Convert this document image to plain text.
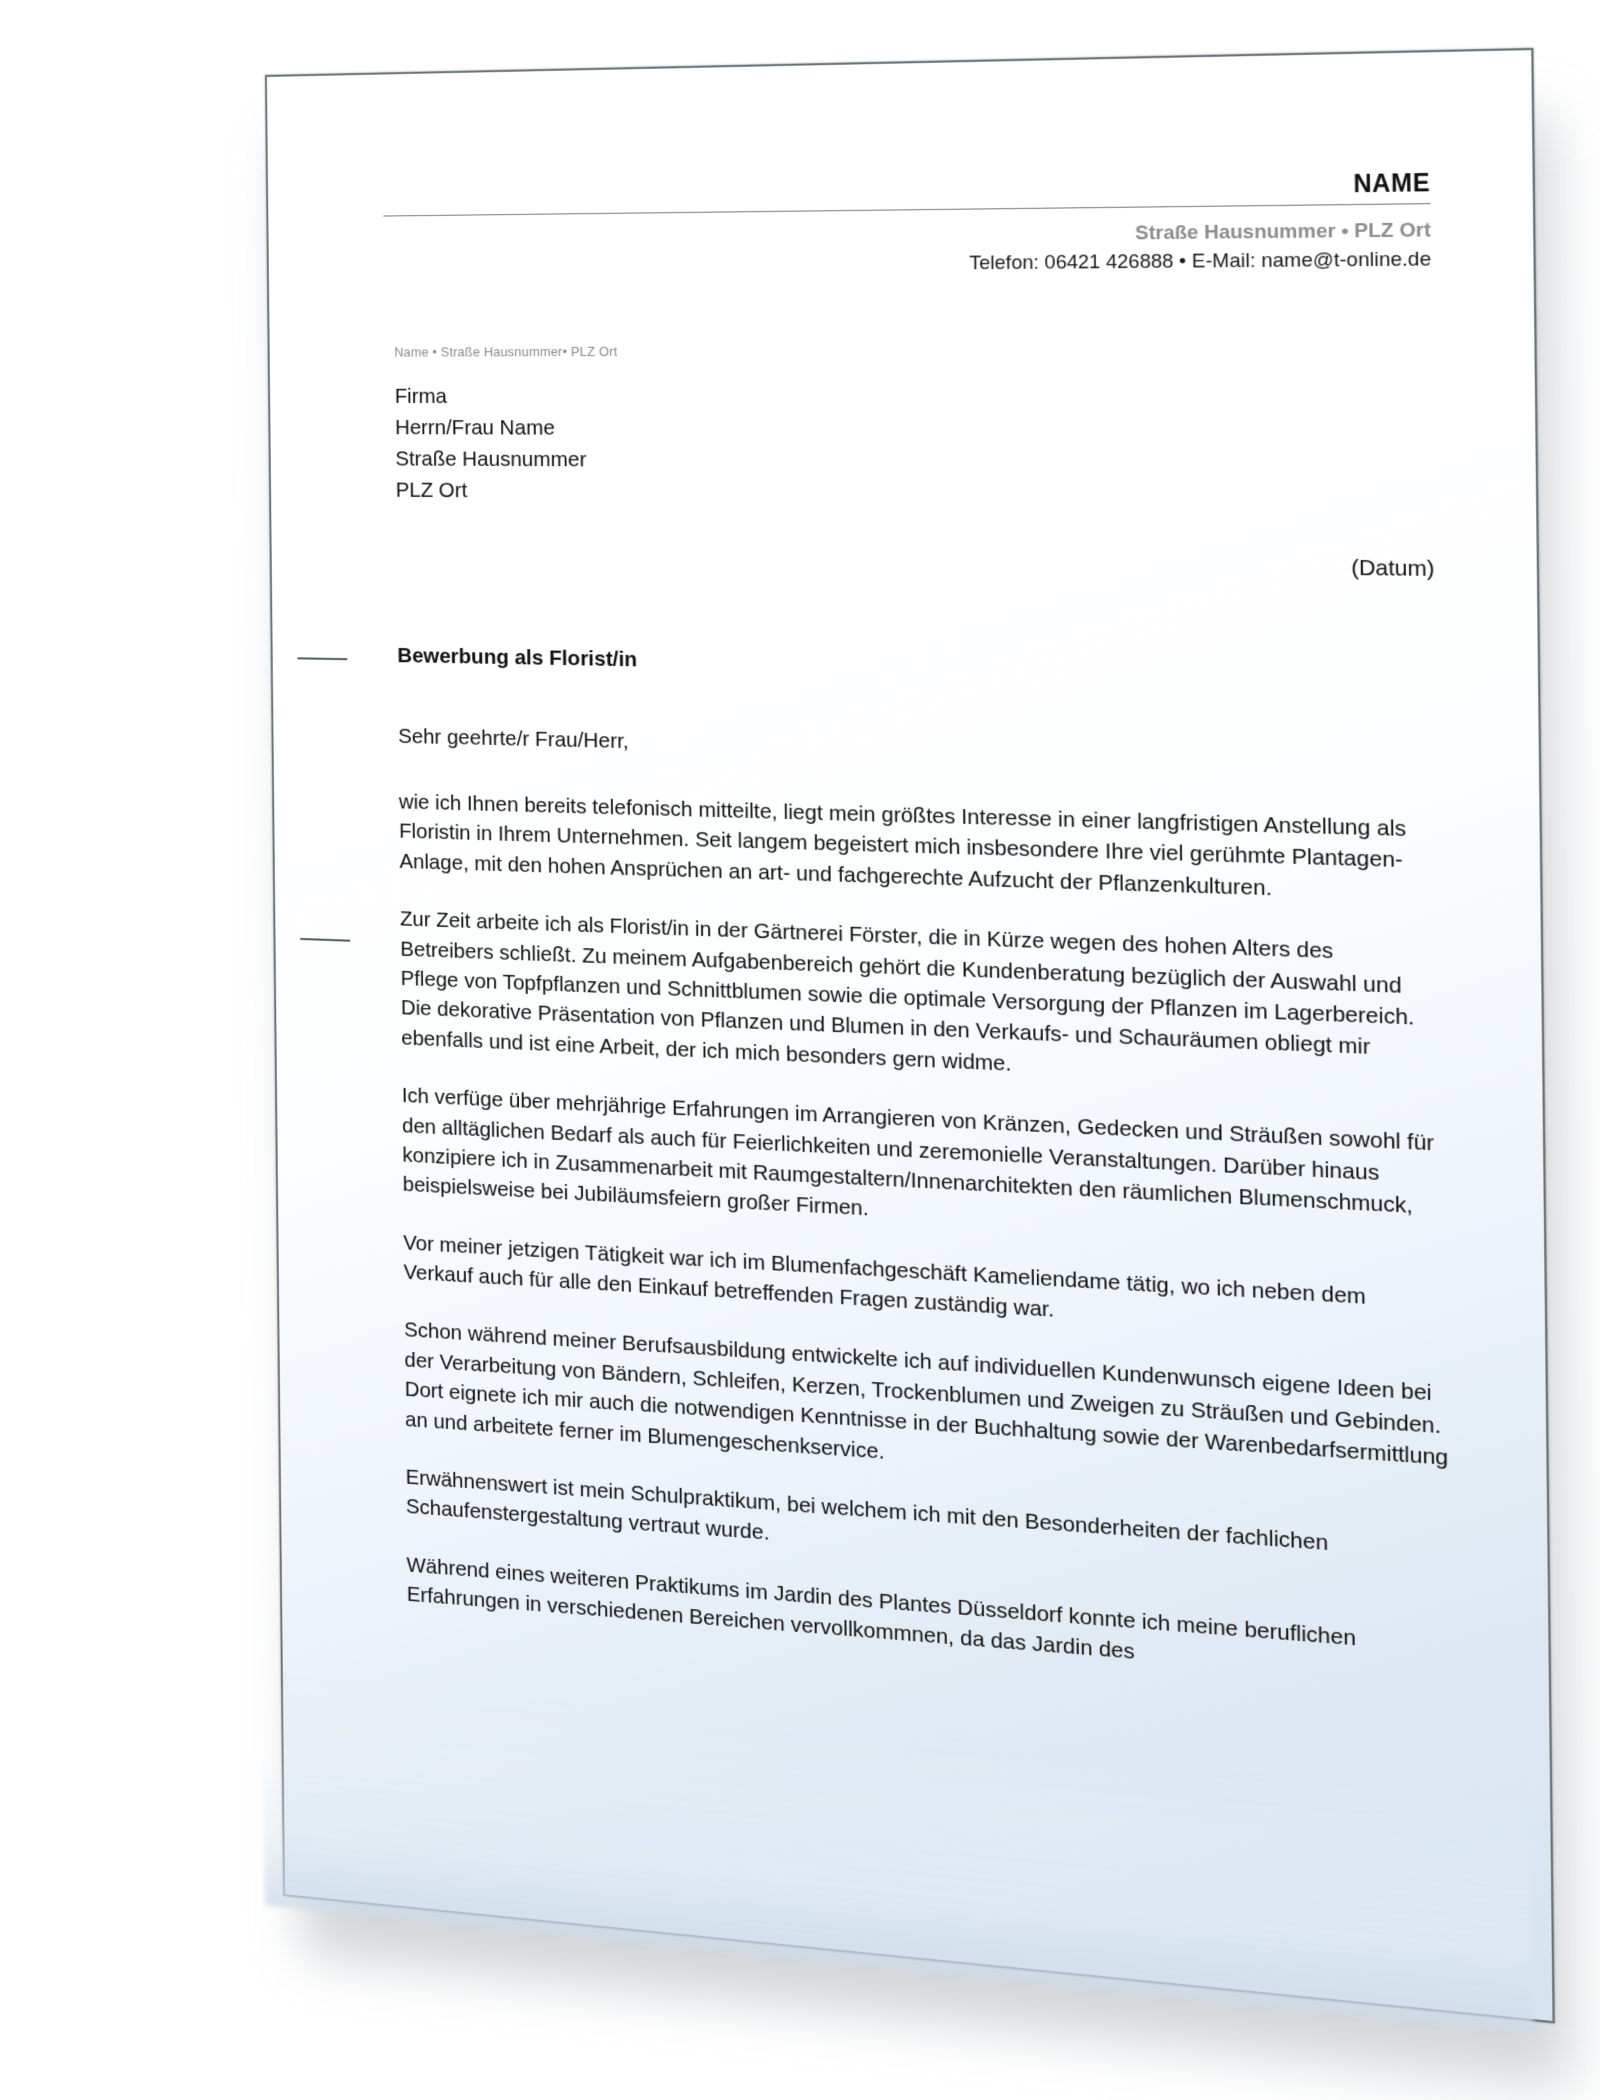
NAME
Straße Hausnummer • PLZ Ort
Telefon: 06421 426888 • E-Mail: name@t-online.de
Name • Straße Hausnummer• PLZ Ort
Firma
Herrn/Frau Name
Straße Hausnummer
PLZ Ort
(Datum)
Bewerbung als Florist/in
Sehr geehrte/r Frau/Herr,

wie ich Ihnen bereits telefonisch mitteilte, liegt mein größtes Interesse in einer langfristigen Anstellung als Floristin in Ihrem Unternehmen. Seit langem begeistert mich insbesondere Ihre viel gerühmte Plantagen-Anlage, mit den hohen Ansprüchen an art- und fachgerechte Aufzucht der Pflanzenkulturen.

Zur Zeit arbeite ich als Florist/in in der Gärtnerei Förster, die in Kürze wegen des hohen Alters des Betreibers schließt. Zu meinem Aufgabenbereich gehört die Kundenberatung bezüglich der Auswahl und Pflege von Topfpflanzen und Schnittblumen sowie die optimale Versorgung der Pflanzen im Lagerbereich. Die dekorative Präsentation von Pflanzen und Blumen in den Verkaufs- und Schauräumen obliegt mir ebenfalls und ist eine Arbeit, der ich mich besonders gern widme.

Ich verfüge über mehrjährige Erfahrungen im Arrangieren von Kränzen, Gedecken und Sträußen sowohl für den alltäglichen Bedarf als auch für Feierlichkeiten und zeremonielle Veranstaltungen. Darüber hinaus konzipiere ich in Zusammenarbeit mit Raumgestaltern/Innenarchitekten den räumlichen Blumenschmuck, beispielsweise bei Jubiläumsfeiern großer Firmen.

Vor meiner jetzigen Tätigkeit war ich im Blumenfachgeschäft Kameliendame tätig, wo ich neben dem Verkauf auch für alle den Einkauf betreffenden Fragen zuständig war.

Schon während meiner Berufsausbildung entwickelte ich auf individuellen Kundenwunsch eigene Ideen bei der Verarbeitung von Bändern, Schleifen, Kerzen, Trockenblumen und Zweigen zu Sträußen und Gebinden. Dort eignete ich mir auch die notwendigen Kenntnisse in der Buchhaltung sowie der Warenbedarfsermittlung an und arbeitete ferner im Blumengeschenkservice.

Erwähnenswert ist mein Schulpraktikum, bei welchem ich mit den Besonderheiten der fachlichen Schaufenstergestaltung vertraut wurde.

Während eines weiteren Praktikums im Jardin des Plantes Düsseldorf konnte ich meine beruflichen Erfahrungen in verschiedenen Bereichen vervollkommnen, da das Jardin des
